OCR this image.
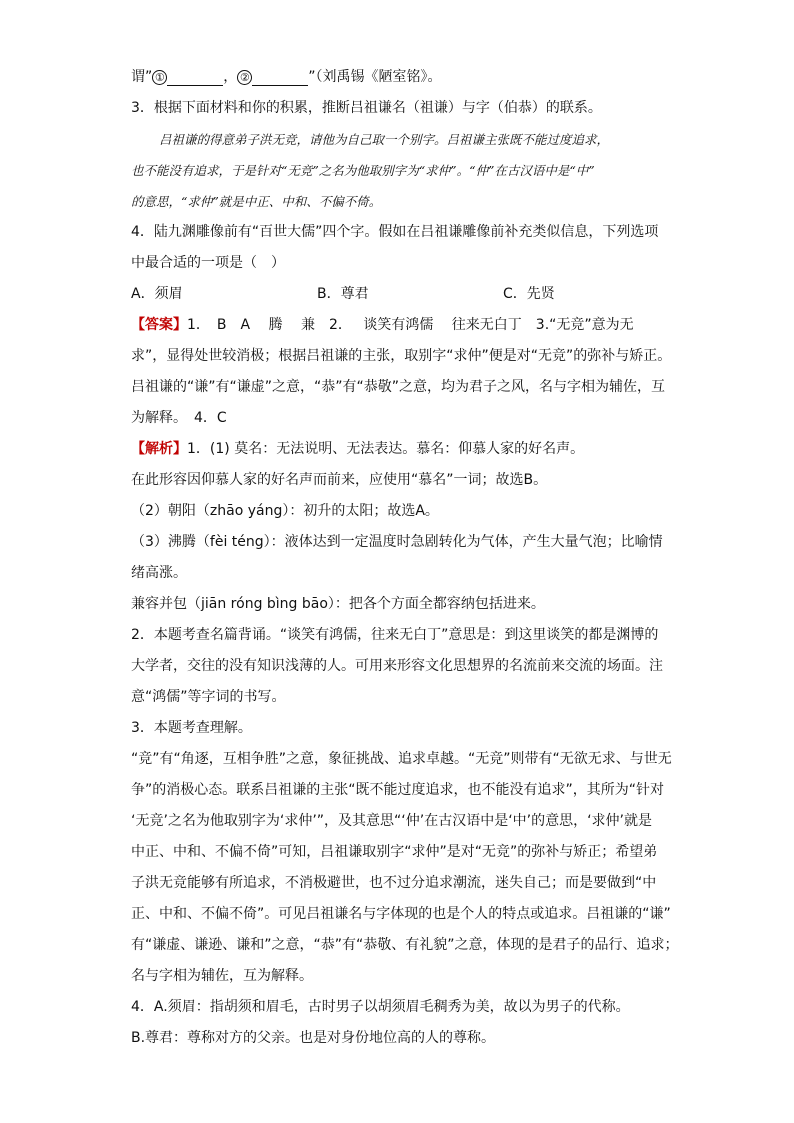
谓” ①	， ②	”（刘禹锡《陋室铭》。
3．根据下面材料和你的积累，推断吕祖谦名（祖谦）与字（伯恭）的联系。
吕祖谦的得意弟子洪无竞，请他为自己取一个别字。吕祖谦主张既不能过度追求，
也不能没有追求，于是针对“无竞”之名为他取别字为“求仲”。“仲”在古汉语中是“中”
的意思，“求仲”就是中正、中和、不偏不倚。
4．陆九渊雕像前有“百世大儒”四个字。假如在吕祖谦雕像前补充类似信息，下列选项
中最合适的一项是（　）
A．须眉	B．尊君	C．先贤
【答案】1．　B　A　 腾　 兼　2．　 谈笑有鸿儒　 往来无白丁　3.“无竞”意为无
求”，显得处世较消极；根据吕祖谦的主张，取别字“求仲”便是对“无竞”的弥补与矫正。
吕祖谦的“谦”有“谦虚”之意，“恭”有“恭敬”之意，均为君子之风，名与字相为辅佐，互
为解释。　4．C
【解析】1．(1) 莫名：无法说明、无法表达。慕名：仰慕人家的好名声。
在此形容因仰慕人家的好名声而前来，应使用“慕名”一词；故选B。
（2）朝阳（zhāo yáng）：初升的太阳；故选A。
（3）沸腾（fèi téng）：液体达到一定温度时急剧转化为气体，产生大量气泡；比喻情
绪高涨。
兼容并包（jiān róng bìng bāo）：把各个方面全都容纳包括进来。
2．本题考查名篇背诵。“谈笑有鸿儒，往来无白丁”意思是：到这里谈笑的都是渊博的
大学者，交往的没有知识浅薄的人。可用来形容文化思想界的名流前来交流的场面。注
意“鸿儒”等字词的书写。
3．本题考查理解。
“竞”有“角逐，互相争胜”之意，象征挑战、追求卓越。“无竞”则带有“无欲无求、与世无
争”的消极心态。联系吕祖谦的主张“既不能过度追求，也不能没有追求”，其所为“针对
‘无竞’之名为他取别字为‘求仲’”，及其意思“‘仲’在古汉语中是‘中’的意思，‘求仲’就是
中正、中和、不偏不倚”可知，吕祖谦取别字“求仲”是对“无竞”的弥补与矫正；希望弟
子洪无竞能够有所追求，不消极避世，也不过分追求潮流，迷失自己；而是要做到“中
正、中和、不偏不倚”。可见吕祖谦名与字体现的也是个人的特点或追求。吕祖谦的“谦”
有“谦虚、谦逊、谦和”之意，“恭”有“恭敬、有礼貌”之意，体现的是君子的品行、追求；
名与字相为辅佐，互为解释。
4．A.须眉：指胡须和眉毛，古时男子以胡须眉毛稠秀为美，故以为男子的代称。
B.尊君：尊称对方的父亲。也是对身份地位高的人的尊称。
